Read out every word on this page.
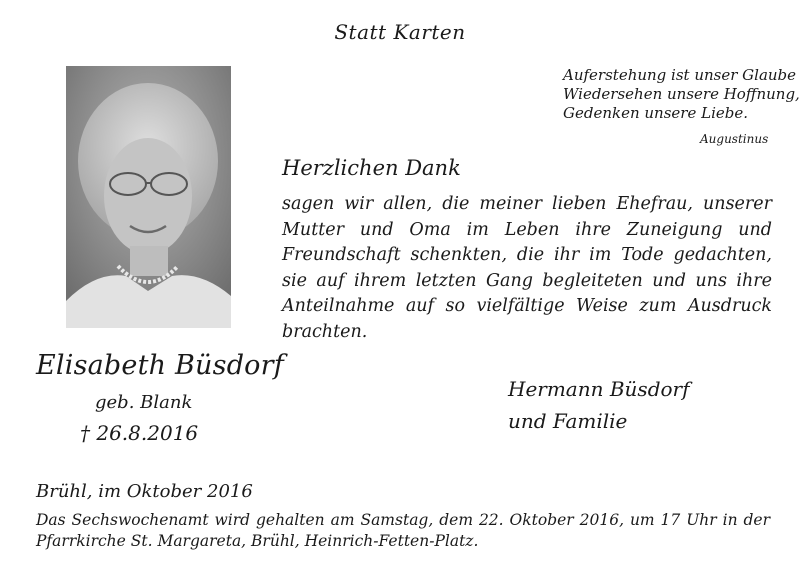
Statt Karten
Auferstehung ist unser Glaube
Wiedersehen unsere Hoffnung,
Gedenken unsere Liebe.
Augustinus
Herzlichen Dank
sagen wir allen, die meiner lieben Ehefrau, unserer Mutter und Oma im Leben ihre Zuneigung und Freundschaft schenkten, die ihr im Tode gedachten, sie auf ihrem letzten Gang begleiteten und uns ihre Anteilnahme auf so vielfältige Weise zum Ausdruck brachten.
Elisabeth Büsdorf
geb. Blank
† 26.8.2016
Hermann Büsdorf
und Familie
Brühl, im Oktober 2016
Das Sechswochenamt wird gehalten am Samstag, dem 22. Oktober 2016, um 17 Uhr in der Pfarrkirche St. Margareta, Brühl, Heinrich-Fetten-Platz.
